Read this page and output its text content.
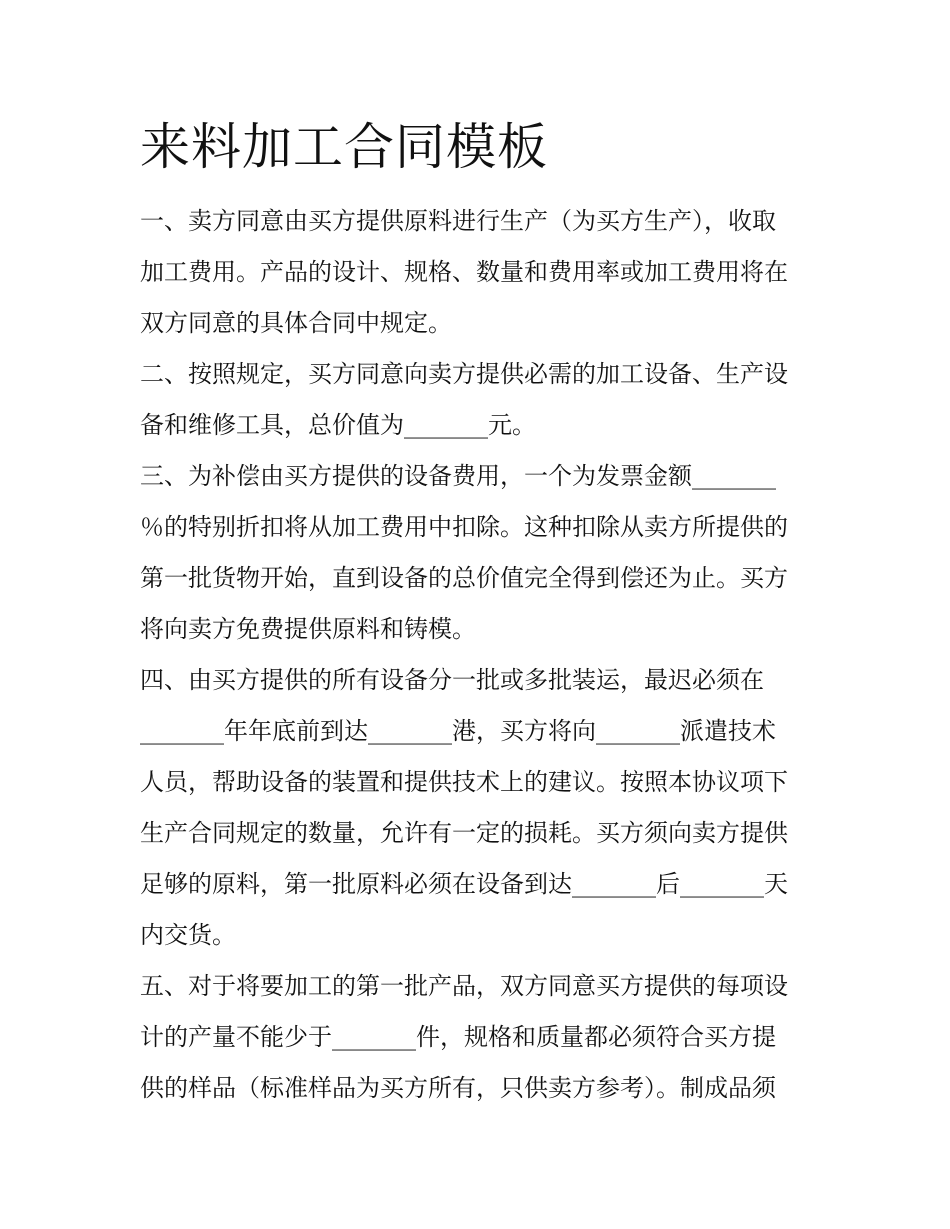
来料加工合同模板

一、卖方同意由买方提供原料进行生产（为买方生产），收取
加工费用。产品的设计、规格、数量和费用率或加工费用将在
双方同意的具体合同中规定。

二、按照规定，买方同意向卖方提供必需的加工设备、生产设
备和维修工具，总价值为_______元。

三、为补偿由买方提供的设备费用，一个为发票金额_______
％的特别折扣将从加工费用中扣除。这种扣除从卖方所提供的
第一批货物开始，直到设备的总价值完全得到偿还为止。买方
将向卖方免费提供原料和铸模。

四、由买方提供的所有设备分一批或多批装运，最迟必须在
_______年年底前到达_______港，买方将向_______派遣技术
人员，帮助设备的装置和提供技术上的建议。按照本协议项下
生产合同规定的数量，允许有一定的损耗。买方须向卖方提供
足够的原料，第一批原料必须在设备到达_______后_______天
内交货。

五、对于将要加工的第一批产品，双方同意买方提供的每项设
计的产量不能少于_______件，规格和质量都必须符合买方提
供的样品（标准样品为买方所有，只供卖方参考）。制成品须
